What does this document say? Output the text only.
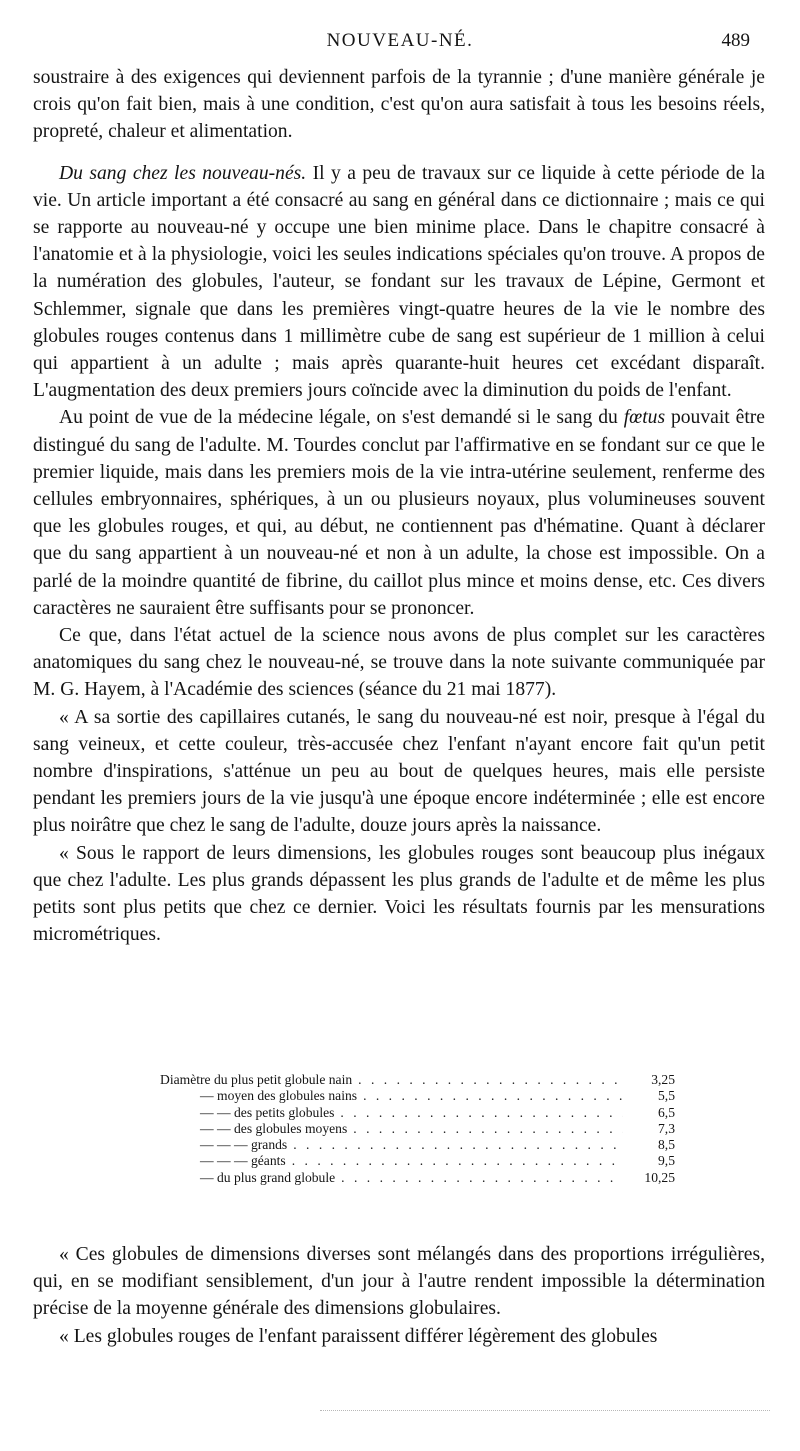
NOUVEAU-NÉ.	489

soustraire à des exigences qui deviennent parfois de la tyrannie ; d'une manière générale je crois qu'on fait bien, mais à une condition, c'est qu'on aura satisfait à tous les besoins réels, propreté, chaleur et alimentation.

Du sang chez les nouveau-nés. Il y a peu de travaux sur ce liquide à cette période de la vie. Un article important a été consacré au sang en général dans ce dictionnaire ; mais ce qui se rapporte au nouveau-né y occupe une bien minime place. Dans le chapitre consacré à l'anatomie et à la physiologie, voici les seules indications spéciales qu'on trouve. A propos de la numération des globules, l'auteur, se fondant sur les travaux de Lépine, Germont et Schlemmer, signale que dans les premières vingt-quatre heures de la vie le nombre des globules rouges contenus dans 1 millimètre cube de sang est supérieur de 1 million à celui qui appartient à un adulte ; mais après quarante-huit heures cet excédant disparaît. L'augmentation des deux premiers jours coïncide avec la diminution du poids de l'enfant.

Au point de vue de la médecine légale, on s'est demandé si le sang du fœtus pouvait être distingué du sang de l'adulte. M. Tourdes conclut par l'affirmative en se fondant sur ce que le premier liquide, mais dans les premiers mois de la vie intra-utérine seulement, renferme des cellules embryonnaires, sphériques, à un ou plusieurs noyaux, plus volumineuses souvent que les globules rouges, et qui, au début, ne contiennent pas d'hématine. Quant à déclarer que du sang appartient à un nouveau-né et non à un adulte, la chose est impossible. On a parlé de la moindre quantité de fibrine, du caillot plus mince et moins dense, etc. Ces divers caractères ne sauraient être suffisants pour se prononcer.

Ce que, dans l'état actuel de la science nous avons de plus complet sur les caractères anatomiques du sang chez le nouveau-né, se trouve dans la note suivante communiquée par M. G. Hayem, à l'Académie des sciences (séance du 21 mai 1877).

« A sa sortie des capillaires cutanés, le sang du nouveau-né est noir, presque à l'égal du sang veineux, et cette couleur, très-accusée chez l'enfant n'ayant encore fait qu'un petit nombre d'inspirations, s'atténue un peu au bout de quelques heures, mais elle persiste pendant les premiers jours de la vie jusqu'à une époque encore indéterminée ; elle est encore plus noirâtre que chez le sang de l'adulte, douze jours après la naissance.

« Sous le rapport de leurs dimensions, les globules rouges sont beaucoup plus inégaux que chez l'adulte. Les plus grands dépassent les plus grands de l'adulte et de même les plus petits sont plus petits que chez ce dernier. Voici les résultats fournis par les mensurations micrométriques.

Diamètre du plus petit globule nain . . .	3,25
— moyen des globules nains . . .	5,5
— — des petits globules . . .	6,5
— — des globules moyens . . .	7,3
— — — grands . . .	8,5
— — — géants . . .	9,5
— du plus grand globule . . .	10,25

« Ces globules de dimensions diverses sont mélangés dans des proportions irrégulières, qui, en se modifiant sensiblement, d'un jour à l'autre rendent impossible la détermination précise de la moyenne générale des dimensions globulaires.

« Les globules rouges de l'enfant paraissent différer légèrement des globules
